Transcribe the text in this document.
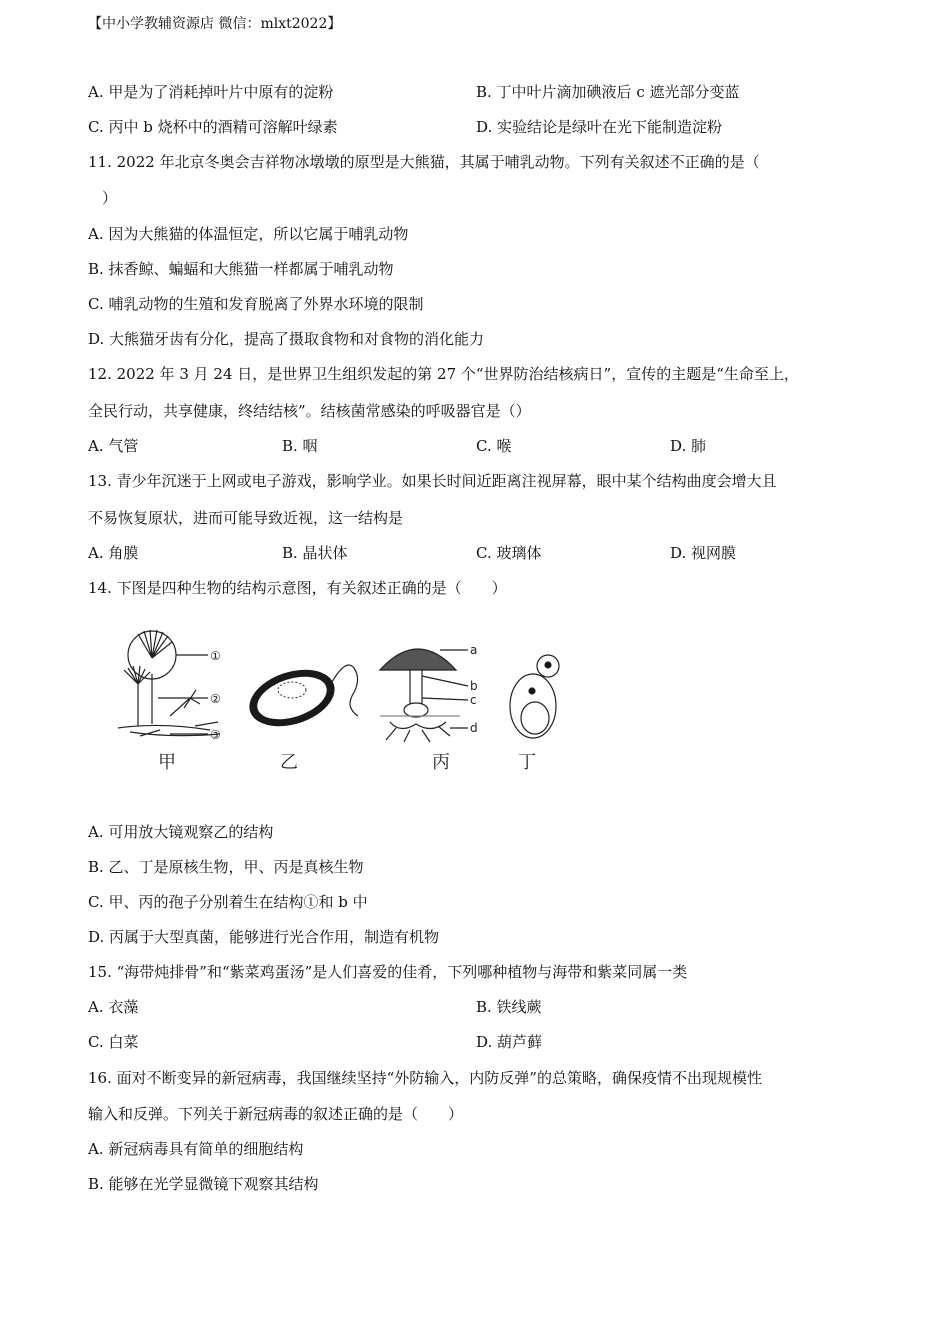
【中小学教辅资源店 微信：mlxt2022】
A. 甲是为了消耗掉叶片中原有的淀粉	B. 丁中叶片滴加碘液后 c 遮光部分变蓝
C. 丙中 b 烧杯中的酒精可溶解叶绿素	D. 实验结论是绿叶在光下能制造淀粉
11. 2022 年北京冬奥会吉祥物冰墩墩的原型是大熊猫，其属于哺乳动物。下列有关叙述不正确的是（
）
A. 因为大熊猫的体温恒定，所以它属于哺乳动物
B. 抹香鲸、蝙蝠和大熊猫一样都属于哺乳动物
C. 哺乳动物的生殖和发育脱离了外界水环境的限制
D. 大熊猫牙齿有分化，提高了摄取食物和对食物的消化能力
12. 2022 年 3 月 24 日，是世界卫生组织发起的第 27 个“世界防治结核病日”，宣传的主题是“生命至上，
全民行动，共享健康，终结结核”。结核菌常感染的呼吸器官是（）
A. 气管	B. 咽	C. 喉	D. 肺
13. 青少年沉迷于上网或电子游戏，影响学业。如果长时间近距离注视屏幕，眼中某个结构曲度会增大且
不易恢复原状，进而可能导致近视，这一结构是
A. 角膜	B. 晶状体	C. 玻璃体	D. 视网膜
14. 下图是四种生物的结构示意图，有关叙述正确的是（　　）
①
②
③
a
b
c
d
甲	乙	丙	丁
A. 可用放大镜观察乙的结构
B. 乙、丁是原核生物，甲、丙是真核生物
C. 甲、丙的孢子分别着生在结构①和 b 中
D. 丙属于大型真菌，能够进行光合作用，制造有机物
15. “海带炖排骨”和“紫菜鸡蛋汤”是人们喜爱的佳肴，下列哪种植物与海带和紫菜同属一类
A. 衣藻	B. 铁线蕨
C. 白菜	D. 葫芦藓
16. 面对不断变异的新冠病毒，我国继续坚持“外防输入，内防反弹”的总策略，确保疫情不出现规模性
输入和反弹。下列关于新冠病毒的叙述正确的是（　　）
A. 新冠病毒具有简单的细胞结构
B. 能够在光学显微镜下观察其结构
